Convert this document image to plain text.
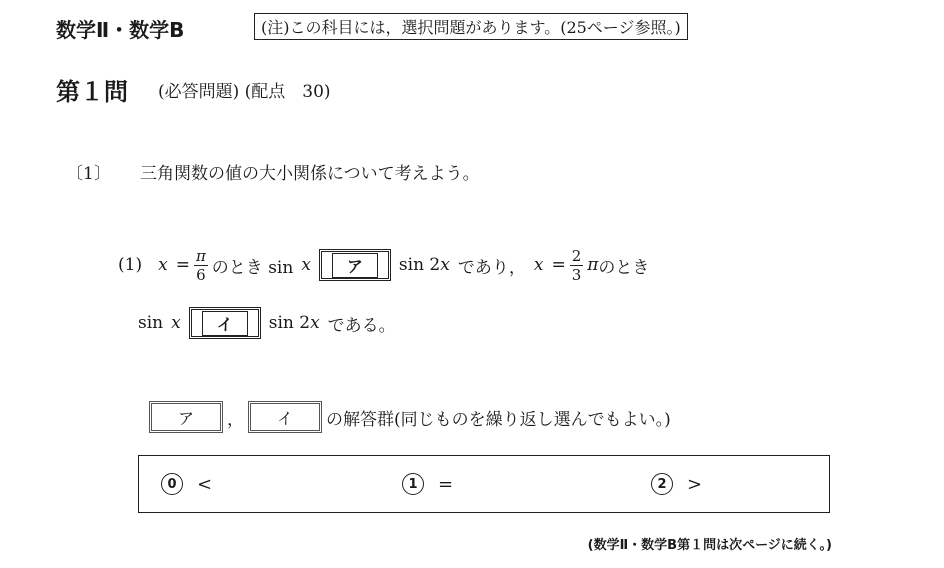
数学Ⅱ・数学B	(注)この科目には，選択問題があります。(25ページ参照。)
第１問 (必答問題) (配点　30)
〔1〕 三角関数の値の大小関係について考えよう。
(1) $x = \frac{\pi}{6}$ のとき sin x	ア	sin 2 x であり， $x = \frac{2}{3}$ π のとき
sin x	イ	sin 2 x である。
ア	，	イ	の解答群(同じものを繰り返し選んでもよい。)
0	<	1	=	2	>
(数学Ⅱ・数学B第１問は次ページに続く。)
